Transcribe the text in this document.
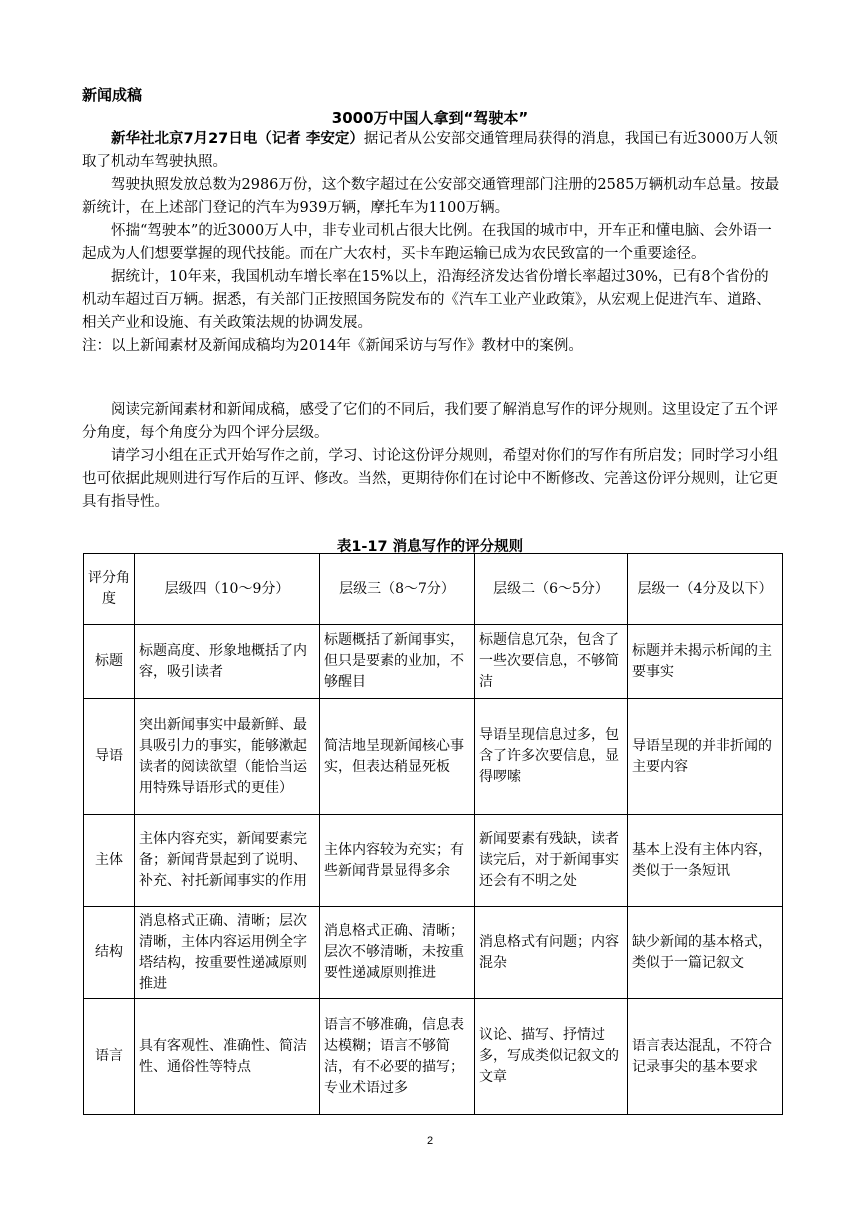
新闻成稿
3000万中国人拿到“驾驶本”

新华社北京7月27日电（记者 李安定）据记者从公安部交通管理局获得的消息，我国已有近3000万人领取了机动车驾驶执照。

驾驶执照发放总数为2986万份，这个数字超过在公安部交通管理部门注册的2585万辆机动车总量。按最新统计，在上述部门登记的汽车为939万辆，摩托车为1100万辆。

怀揣“驾驶本”的近3000万人中，非专业司机占很大比例。在我国的城市中，开车正和懂电脑、会外语一起成为人们想要掌握的现代技能。而在广大农村，买卡车跑运输已成为农民致富的一个重要途径。

据统计，10年来，我国机动车增长率在15%以上，沿海经济发达省份增长率超过30%，已有8个省份的机动车超过百万辆。据悉，有关部门正按照国务院发布的《汽车工业产业政策》，从宏观上促进汽车、道路、相关产业和设施、有关政策法规的协调发展。

注：以上新闻素材及新闻成稿均为2014年《新闻采访与写作》教材中的案例。

阅读完新闻素材和新闻成稿，感受了它们的不同后，我们要了解消息写作的评分规则。这里设定了五个评分角度，每个角度分为四个评分层级。

请学习小组在正式开始写作之前，学习、讨论这份评分规则，希望对你们的写作有所启发；同时学习小组也可依据此规则进行写作后的互评、修改。当然，更期待你们在讨论中不断修改、完善这份评分规则，让它更具有指导性。

表1-17 消息写作的评分规则
评分角度	层级四（10～9分）	层级三（8～7分）	层级二（6～5分）	层级一（4分及以下）
标题	标题高度、形象地概括了内容，吸引读者	标题概括了新闻事实，但只是要素的业加，不够醒目	标题信息冗杂，包含了一些次要信息，不够简洁	标题并未揭示析闻的主要事实
导语	突出新闻事实中最新鲜、最具吸引力的事实，能够漱起读者的阅读欲望（能恰当运用特殊导语形式的更佳）	简洁地呈现新闻核心事实，但表达稍显死板	导语呈现信息过多，包含了许多次要信息，显得啰嗦	导语呈现的并非折闻的主要内容
主体	主体内容充实，新闻要素完备；新闻背景起到了说明、补充、衬托新闻事实的作用	主体内容较为充实；有些新闻背景显得多余	新闻要素有残缺，读者读完后，对于新闻事实还会有不明之处	基本上没有主体内容，类似于一条短讯
结构	消息格式正确、清晰；层次清晰，主体内容运用例全字塔结构，按重要性递减原则推进	消息格式正确、清晰；层次不够清晰，未按重要性递减原则推进	消息格式有问题；内容混杂	缺少新闻的基本格式，类似于一篇记叙文
语言	具有客观性、准确性、简洁性、通俗性等特点	语言不够准确，信息表达模糊；语言不够简洁，有不必要的描写；专业术语过多	议论、描写、抒情过多，写成类似记叙文的文章	语言表达混乱，不符合记录事尖的基本要求
2
